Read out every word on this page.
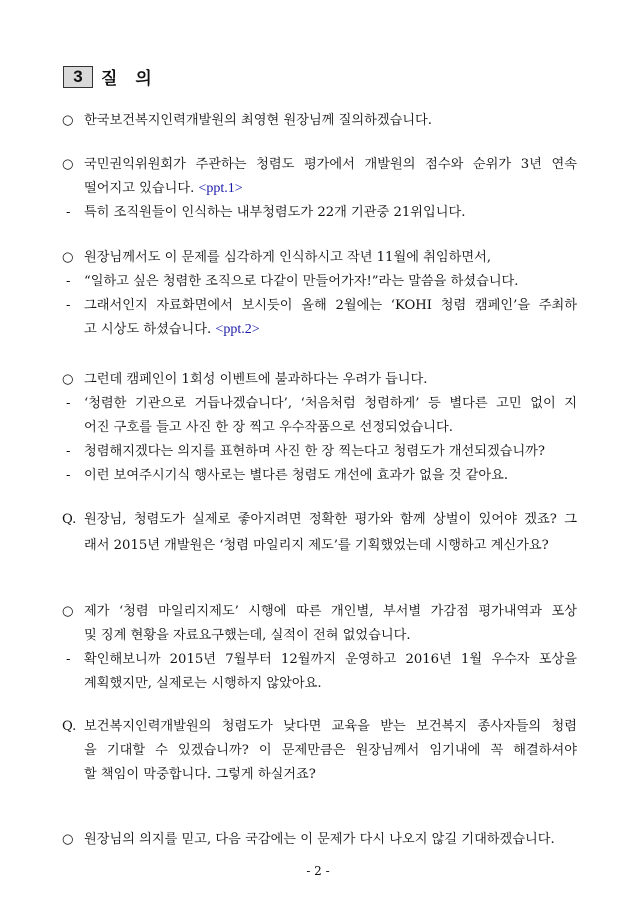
3	질 의
○ 한국보건복지인력개발원의 최영현 원장님께 질의하겠습니다.
○ 국민권익위원회가 주관하는 청렴도 평가에서 개발원의 점수와 순위가 3년 연속
떨어지고 있습니다. <ppt.1>
-	특히 조직원들이 인식하는 내부청렴도가 22개 기관중 21위입니다.
○ 원장님께서도 이 문제를 심각하게 인식하시고 작년 11월에 취임하면서,
-	“일하고 싶은 청렴한 조직으로 다같이 만들어가자!”라는 말씀을 하셨습니다.
-	그래서인지 자료화면에서 보시듯이 올해 2월에는 ‘KOHI 청렴 캠페인’을 주최하
고 시상도 하셨습니다. <ppt.2>
○ 그런데 캠페인이 1회성 이벤트에 불과하다는 우려가 듭니다.
-	‘청렴한 기관으로 거듭나겠습니다’, ‘처음처럼 청렴하게’ 등 별다른 고민 없이 지
어진 구호를 들고 사진 한 장 찍고 우수작품으로 선정되었습니다.
-	청렴해지겠다는 의지를 표현하며 사진 한 장 찍는다고 청렴도가 개선되겠습니까?
-	이런 보여주시기식 행사로는 별다른 청렴도 개선에 효과가 없을 것 같아요.
Q. 원장님, 청렴도가 실제로 좋아지려면 정확한 평가와 함께 상벌이 있어야 겠죠? 그
래서 2015년 개발원은 ‘청렴 마일리지 제도’를 기획했었는데 시행하고 계신가요?
○ 제가 ‘청렴 마일리지제도’ 시행에 따른 개인별, 부서별 가감점 평가내역과 포상
및 징계 현황을 자료요구했는데, 실적이 전혀 없었습니다.
-	확인해보니까 2015년 7월부터 12월까지 운영하고 2016년 1월 우수자 포상을
계획했지만, 실제로는 시행하지 않았아요.
Q. 보건복지인력개발원의 청렴도가 낮다면 교육을 받는 보건복지 종사자들의 청렴
을 기대할 수 있겠습니까? 이 문제만큼은 원장님께서 임기내에 꼭 해결하셔야
할 책임이 막중합니다. 그렇게 하실거죠?
○ 원장님의 의지를 믿고, 다음 국감에는 이 문제가 다시 나오지 않길 기대하겠습니다.
- 2 -
